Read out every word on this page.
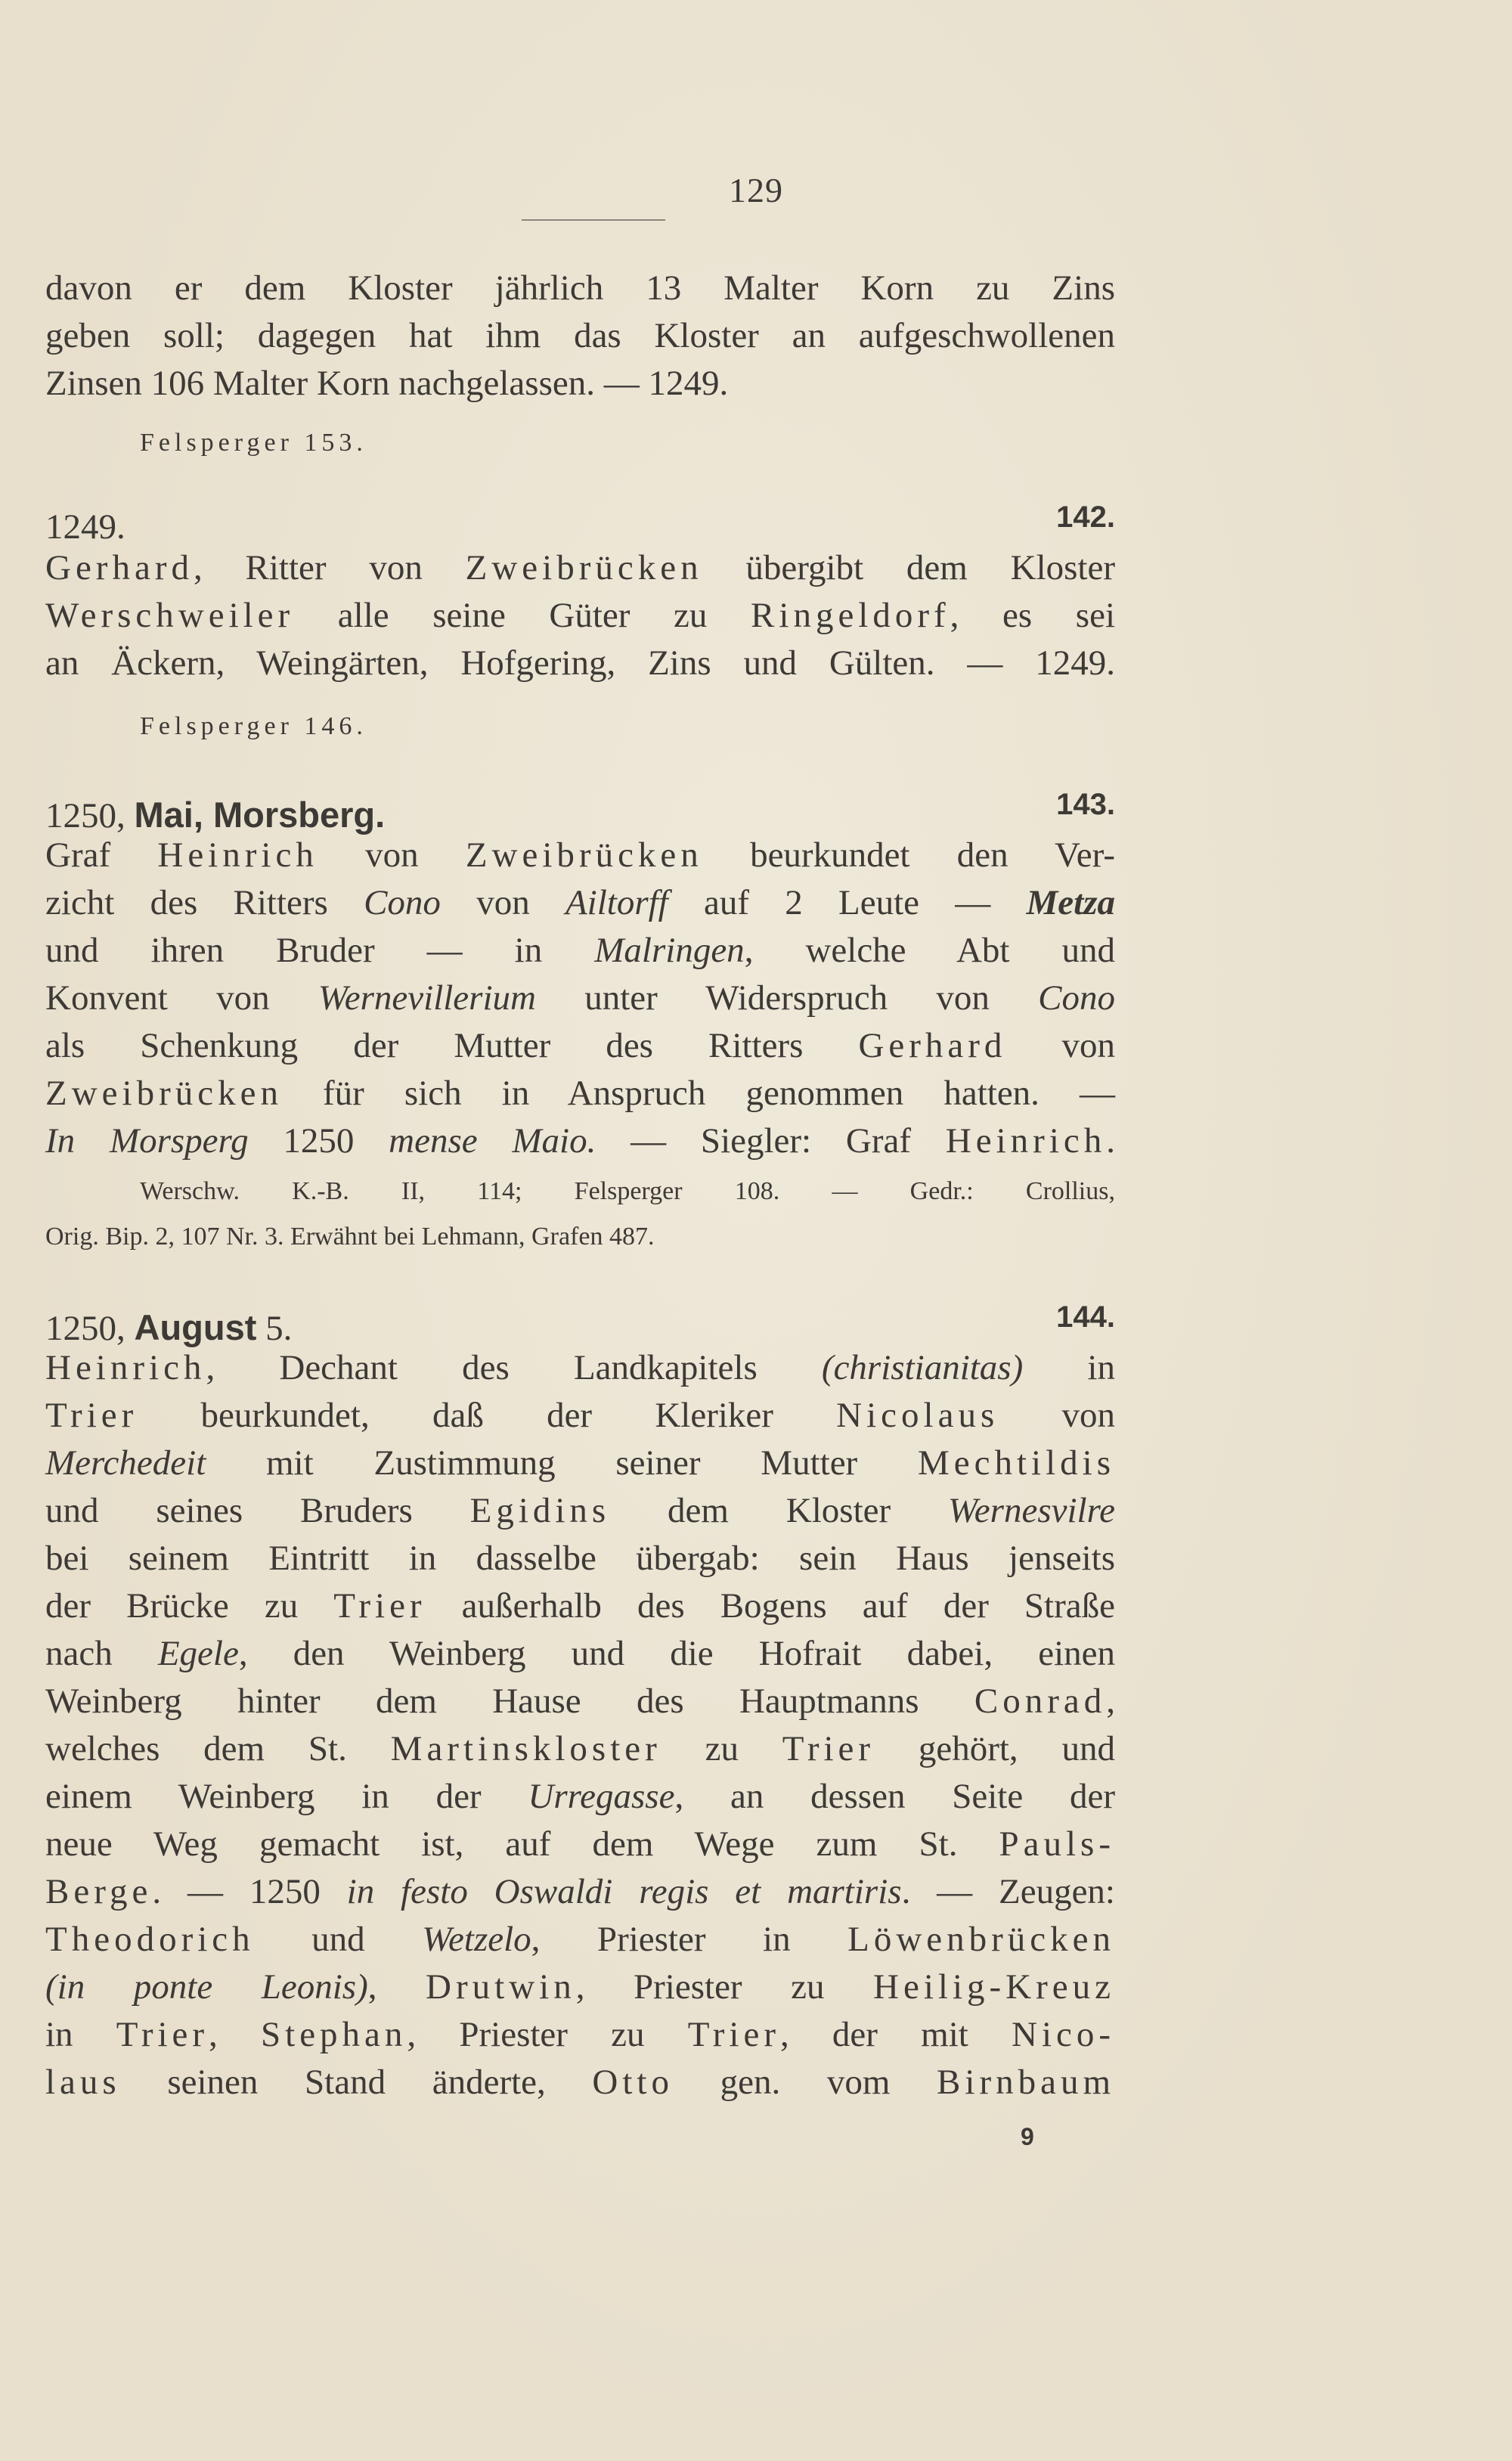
129
davon er dem Kloster jährlich 13 Malter Korn zu Zins
geben soll; dagegen hat ihm das Kloster an aufgeschwollenen
Zinsen 106 Malter Korn nachgelassen. — 1249.
Felsperger 153.
1249.	142.
Gerhard, Ritter von Zweibrücken übergibt dem Kloster
Werschweiler alle seine Güter zu Ringeldorf, es sei
an Äckern, Weingärten, Hofgering, Zins und Gülten. — 1249.
Felsperger 146.
1250, Mai, Morsberg.	143.
Graf Heinrich von Zweibrücken beurkundet den Ver-
zicht des Ritters Cono von Ailtorff auf 2 Leute — Metza
und ihren Bruder — in Malringen, welche Abt und
Konvent von Wernevillerium unter Widerspruch von Cono
als Schenkung der Mutter des Ritters Gerhard von
Zweibrücken für sich in Anspruch genommen hatten. —
In Morsperg 1250 mense Maio. — Siegler: Graf Heinrich.
Werschw. K.-B. II, 114; Felsperger 108. — Gedr.: Crollius,
Orig. Bip. 2, 107 Nr. 3. Erwähnt bei Lehmann, Grafen 487.
1250, August 5.	144.
Heinrich, Dechant des Landkapitels (christianitas) in
Trier beurkundet, daß der Kleriker Nicolaus von
Merchedeit mit Zustimmung seiner Mutter Mechtildis
und seines Bruders Egidins dem Kloster Wernesvilre
bei seinem Eintritt in dasselbe übergab: sein Haus jenseits
der Brücke zu Trier außerhalb des Bogens auf der Straße
nach Egele, den Weinberg und die Hofrait dabei, einen
Weinberg hinter dem Hause des Hauptmanns Conrad,
welches dem St. Martinskloster zu Trier gehört, und
einem Weinberg in der Urregasse, an dessen Seite der
neue Weg gemacht ist, auf dem Wege zum St. Pauls-
Berge. — 1250 in festo Oswaldi regis et martiris. — Zeugen:
Theodorich und Wetzelo, Priester in Löwenbrücken
(in ponte Leonis), Drutwin, Priester zu Heilig-Kreuz
in Trier, Stephan, Priester zu Trier, der mit Nico-
laus seinen Stand änderte, Otto gen. vom Birnbaum
9
